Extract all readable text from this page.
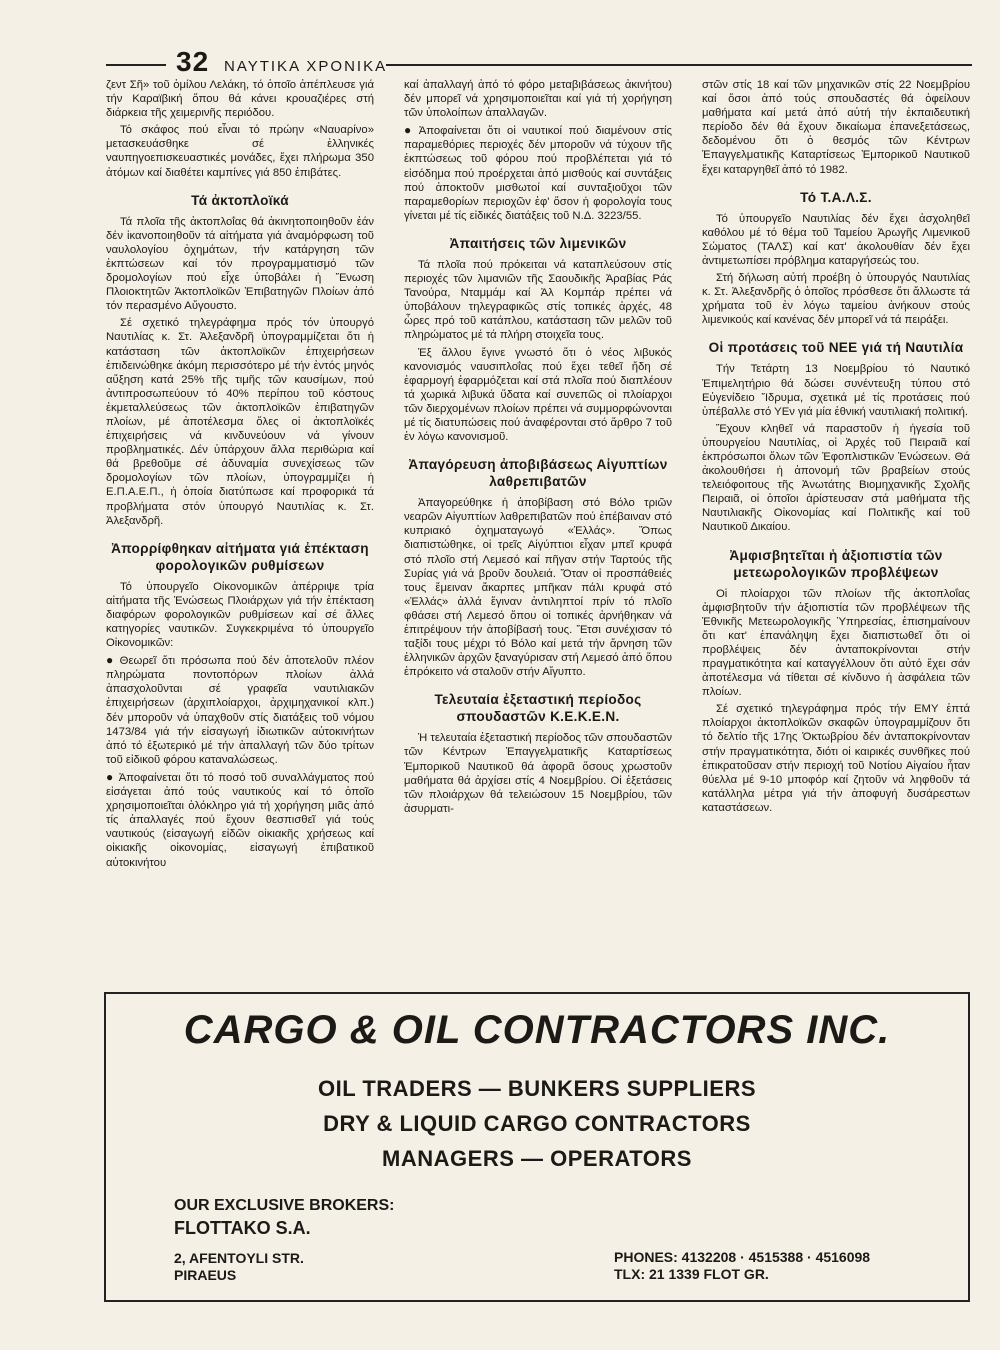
32 ΝΑΥΤΙΚΑ ΧΡΟΝΙΚΑ

ζεντ Σῆ» τοῦ ὁμίλου Λελάκη, τό ὁποῖο ἀπέπλευσε γιά τήν Καραϊβική ὅπου θά κάνει κρουαζιέρες στή διάρκεια τῆς χειμερινῆς περιόδου.

Τό σκάφος πού εἶναι τό πρώην «Ναυαρίνο» μετασκευάσθηκε σέ ἑλληνικές ναυπηγοεπισκευαστικές μονάδες, ἔχει πλήρωμα 350 ἀτόμων καί διαθέτει καμπίνες γιά 850 ἐπιβάτες.

Τά ἀκτοπλοϊκά

Τά πλοῖα τῆς ἀκτοπλοΐας θά ἀκινητοποιηθοῦν ἐάν δέν ἱκανοποιηθοῦν τά αἰτήματα γιά ἀναμόρφωση τοῦ ναυλολογίου ὀχημάτων, τήν κατάργηση τῶν ἐκπτώσεων καί τόν προγραμματισμό τῶν δρομολογίων πού εἶχε ὑποβάλει ἡ Ἕνωση Πλοιοκτητῶν Ἀκτοπλοϊκῶν Ἐπιβατηγῶν Πλοίων ἀπό τόν περασμένο Αὔγουστο.

Σέ σχετικό τηλεγράφημα πρός τόν ὑπουργό Ναυτιλίας κ. Στ. Ἀλεξανδρῆ ὑπογραμμίζεται ὅτι ἡ κατάσταση τῶν ἀκτοπλοϊκῶν ἐπιχειρήσεων ἐπιδεινώθηκε ἀκόμη περισσότερο μέ τήν ἐντός μηνός αὔξηση κατά 25% τῆς τιμῆς τῶν καυσίμων, πού ἀντιπροσωπεύουν τό 40% περίπου τοῦ κόστους ἐκμεταλλεύσεως τῶν ἀκτοπλοϊκῶν ἐπιβατηγῶν πλοίων, μέ ἀποτέλεσμα ὅλες οἱ ἀκτοπλοϊκές ἐπιχειρήσεις νά κινδυνεύουν νά γίνουν προβληματικές. Δέν ὑπάρχουν ἄλλα περιθώρια καί θά βρεθοῦμε σέ ἀδυναμία συνεχίσεως τῶν δρομολογίων τῶν πλοίων, ὑπογραμμίζει ἡ Ε.Π.Α.Ε.Π., ἡ ὁποία διατύπωσε καί προφορικά τά προβλήματα στόν ὑπουργό Ναυτιλίας κ. Στ. Ἀλεξανδρῆ.

Ἀπορρίφθηκαν αἰτήματα γιά ἐπέκταση φορολογικῶν ρυθμίσεων

Τό ὑπουργεῖο Οἰκονομικῶν ἀπέρριψε τρία αἰτήματα τῆς Ἑνώσεως Πλοιάρχων γιά τήν ἐπέκταση διαφόρων φορολογικῶν ρυθμίσεων καί σέ ἄλλες κατηγορίες ναυτικῶν. Συγκεκριμένα τό ὑπουργεῖο Οἰκονομικῶν:

● Θεωρεῖ ὅτι πρόσωπα πού δέν ἀποτελοῦν πλέον πληρώματα ποντοπόρων πλοίων ἀλλά ἀπασχολοῦνται σέ γραφεῖα ναυτιλιακῶν ἐπιχειρήσεων (ἀρχιπλοίαρχοι, ἀρχιμηχανικοί κλπ.) δέν μποροῦν νά ὑπαχθοῦν στίς διατάξεις τοῦ νόμου 1473/84 γιά τήν εἰσαγωγή ἰδιωτικῶν αὐτοκινήτων ἀπό τό ἐξωτερικό μέ τήν ἀπαλλαγή τῶν δύο τρίτων τοῦ εἰδικοῦ φόρου καταναλώσεως.

● Ἀποφαίνεται ὅτι τό ποσό τοῦ συναλλάγματος πού εἰσάγεται ἀπό τούς ναυτικούς καί τό ὁποῖο χρησιμοποιεῖται ὁλόκληρο γιά τή χορήγηση μιᾶς ἀπό τίς ἀπαλλαγές πού ἔχουν θεσπισθεῖ γιά τούς ναυτικούς (εἰσαγωγή εἰδῶν οἰκιακῆς χρήσεως καί οἰκιακῆς οἰκονομίας, εἰσαγωγή ἐπιβατικοῦ αὐτοκινήτου

καί ἀπαλλαγή ἀπό τό φόρο μεταβιβάσεως ἀκινήτου) δέν μπορεῖ νά χρησιμοποιεῖται καί γιά τή χορήγηση τῶν ὑπολοίπων ἀπαλλαγῶν.

● Ἀποφαίνεται ὅτι οἱ ναυτικοί πού διαμένουν στίς παραμεθόριες περιοχές δέν μποροῦν νά τύχουν τῆς ἐκπτώσεως τοῦ φόρου πού προβλέπεται γιά τό εἰσόδημα πού προέρχεται ἀπό μισθούς καί συντάξεις πού ἀποκτοῦν μισθωτοί καί συνταξιοῦχοι τῶν παραμεθορίων περιοχῶν ἐφ' ὅσον ἡ φορολογία τους γίνεται μέ τίς εἰδικές διατάξεις τοῦ Ν.Δ. 3223/55.

Ἀπαιτήσεις τῶν λιμενικῶν

Τά πλοῖα πού πρόκειται νά καταπλεύσουν στίς περιοχές τῶν λιμανιῶν τῆς Σαουδικῆς Ἀραβίας Ράς Τανούρα, Νταμμάμ καί Ἀλ Κομπάρ πρέπει νά ὑποβάλουν τηλεγραφικῶς στίς τοπικές ἀρχές, 48 ὧρες πρό τοῦ κατάπλου, κατάσταση τῶν μελῶν τοῦ πληρώματος μέ τά πλήρη στοιχεῖα τους.

Ἐξ ἄλλου ἔγινε γνωστό ὅτι ὁ νέος λιβυκός κανονισμός ναυσιπλοΐας πού ἔχει τεθεῖ ἤδη σέ ἐφαρμογή ἐφαρμόζεται καί στά πλοῖα πού διαπλέουν τά χωρικά λιβυκά ὕδατα καί συνεπῶς οἱ πλοίαρχοι τῶν διερχομένων πλοίων πρέπει νά συμμορφώνονται μέ τίς διατυπώσεις πού ἀναφέρονται στό ἄρθρο 7 τοῦ ἐν λόγω κανονισμοῦ.

Ἀπαγόρευση ἀποβιβάσεως Αἰγυπτίων λαθρεπιβατῶν

Ἀπαγορεύθηκε ἡ ἀποβίβαση στό Βόλο τριῶν νεαρῶν Αἰγυπτίων λαθρεπιβατῶν πού ἐπέβαιναν στό κυπριακό ὀχηματαγωγό «Ἑλλάς». Ὅπως διαπιστώθηκε, οἱ τρεῖς Αἰγύπτιοι εἶχαν μπεῖ κρυφά στό πλοῖο στή Λεμεσό καί πῆγαν στήν Ταρτούς τῆς Συρίας γιά νά βροῦν δουλειά. Ὅταν οἱ προσπάθειές τους ἔμειναν ἄκαρπες μπῆκαν πάλι κρυφά στό «Ἑλλάς» ἀλλά ἔγιναν ἀντιληπτοί πρίν τό πλοῖο φθάσει στή Λεμεσό ὅπου οἱ τοπικές ἀρνήθηκαν νά ἐπιτρέψουν τήν ἀποβίβασή τους. Ἔτσι συνέχισαν τό ταξίδι τους μέχρι τό Βόλο καί μετά τήν ἄρνηση τῶν ἑλληνικῶν ἀρχῶν ξαναγύρισαν στή Λεμεσό ἀπό ὅπου ἐπρόκειτο νά σταλοῦν στήν Αἴγυπτο.

Τελευταία ἐξεταστική περίοδος σπουδαστῶν Κ.Ε.Κ.Ε.Ν.

Ἡ τελευταία ἐξεταστική περίοδος τῶν σπουδαστῶν τῶν Κέντρων Ἐπαγγελματικῆς Καταρτίσεως Ἐμπορικοῦ Ναυτικοῦ θά ἀφορᾶ ὅσους χρωστοῦν μαθήματα θά ἀρχίσει στίς 4 Νοεμβρίου. Οἱ ἐξετάσεις τῶν πλοιάρχων θά τελειώσουν 15 Νοεμβρίου, τῶν ἀσυρματι-

στῶν στίς 18 καί τῶν μηχανικῶν στίς 22 Νοεμβρίου καί ὅσοι ἀπό τούς σπουδαστές θά ὀφείλουν μαθήματα καί μετά ἀπό αὐτή τήν ἐκπαιδευτική περίοδο δέν θά ἔχουν δικαίωμα ἐπανεξετάσεως, δεδομένου ὅτι ὁ θεσμός τῶν Κέντρων Ἐπαγγελματικῆς Καταρτίσεως Ἐμπορικοῦ Ναυτικοῦ ἔχει καταργηθεῖ ἀπό τό 1982.

Τό Τ.Α.Λ.Σ.

Τό ὑπουργεῖο Ναυτιλίας δέν ἔχει ἀσχοληθεῖ καθόλου μέ τό θέμα τοῦ Ταμείου Ἀρωγῆς Λιμενικοῦ Σώματος (ΤΑΛΣ) καί κατ' ἀκολουθίαν δέν ἔχει ἀντιμετωπίσει πρόβλημα καταργήσεώς του.

Στή δήλωση αὐτή προέβη ὁ ὑπουργός Ναυτιλίας κ. Στ. Ἀλεξανδρῆς ὁ ὁποῖος πρόσθεσε ὅτι ἄλλωστε τά χρήματα τοῦ ἐν λόγω ταμείου ἀνήκουν στούς λιμενικούς καί κανένας δέν μπορεῖ νά τά πειράξει.

Οἱ προτάσεις τοῦ ΝΕΕ γιά τή Ναυτιλία

Τήν Τετάρτη 13 Νοεμβρίου τό Ναυτικό Ἐπιμελητήριο θά δώσει συνέντευξη τύπου στό Εὐγενίδειο Ἵδρυμα, σχετικά μέ τίς προτάσεις πού ὑπέβαλλε στό ΥΕν γιά μία ἐθνική ναυτιλιακή πολιτική.

Ἔχουν κληθεῖ νά παραστοῦν ἡ ἡγεσία τοῦ ὑπουργείου Ναυτιλίας, οἱ Ἀρχές τοῦ Πειραιᾶ καί ἐκπρόσωποι ὅλων τῶν Ἐφοπλιστικῶν Ἑνώσεων. Θά ἀκολουθήσει ἡ ἀπονομή τῶν βραβείων στούς τελειόφοιτους τῆς Ἀνωτάτης Βιομηχανικῆς Σχολῆς Πειραιᾶ, οἱ ὁποῖοι ἀρίστευσαν στά μαθήματα τῆς Ναυτιλιακῆς Οἰκονομίας καί Πολιτικῆς καί τοῦ Ναυτικοῦ Δικαίου.

Ἀμφισβητεῖται ἡ ἀξιοπιστία τῶν μετεωρολογικῶν προβλέψεων

Οἱ πλοίαρχοι τῶν πλοίων τῆς ἀκτοπλοΐας ἀμφισβητοῦν τήν ἀξιοπιστία τῶν προβλέψεων τῆς Ἐθνικῆς Μετεωρολογικῆς Ὑπηρεσίας, ἐπισημαίνουν ὅτι κατ' ἐπανάληψη ἔχει διαπιστωθεῖ ὅτι οἱ προβλέψεις δέν ἀνταποκρίνονται στήν πραγματικότητα καί καταγγέλλουν ὅτι αὐτό ἔχει σάν ἀποτέλεσμα νά τίθεται σέ κίνδυνο ἡ ἀσφάλεια τῶν πλοίων.

Σέ σχετικό τηλεγράφημα πρός τήν ΕΜΥ ἑπτά πλοίαρχοι ἀκτοπλοϊκῶν σκαφῶν ὑπογραμμίζουν ὅτι τό δελτίο τῆς 17ης Ὀκτωβρίου δέν ἀνταποκρίνονταν στήν πραγματικότητα, διότι οἱ καιρικές συνθῆκες πού ἐπικρατοῦσαν στήν περιοχή τοῦ Νοτίου Αἰγαίου ἦταν θύελλα μέ 9-10 μποφόρ καί ζητοῦν νά ληφθοῦν τά κατάλληλα μέτρα γιά τήν ἀποφυγή δυσάρεστων καταστάσεων.

CARGO & OIL CONTRACTORS INC.
OIL TRADERS — BUNKERS SUPPLIERS
DRY & LIQUID CARGO CONTRACTORS
MANAGERS — OPERATORS
OUR EXCLUSIVE BROKERS:
FLOTTAKO S.A.
2, AFENTOYLI STR.
PIRAEUS
PHONES: 4132208 · 4515388 · 4516098
TLX: 21 1339 FLOT GR.
